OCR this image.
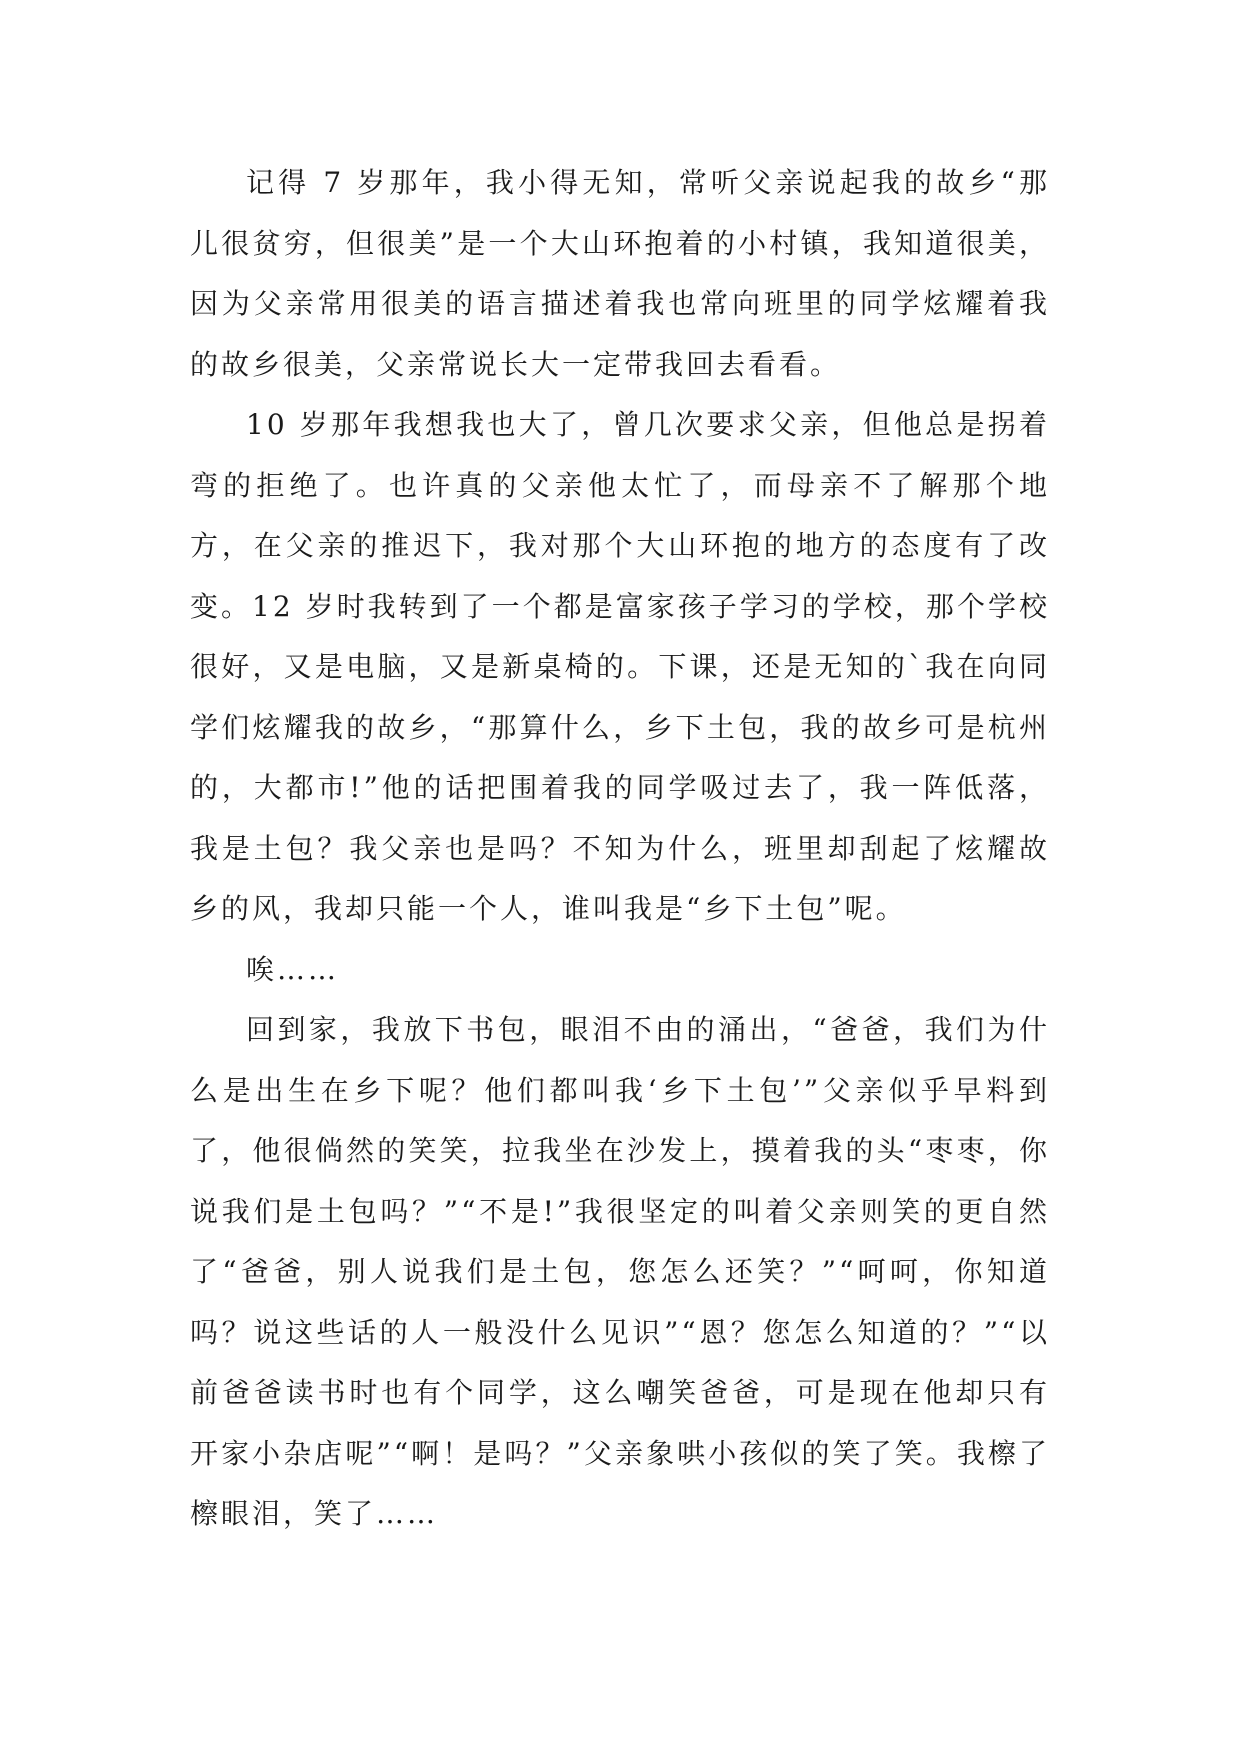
记得 7 岁那年，我小得无知，常听父亲说起我的故乡“那儿很贫穷，但很美”是一个大山环抱着的小村镇，我知道很美，因为父亲常用很美的语言描述着我也常向班里的同学炫耀着我的故乡很美，父亲常说长大一定带我回去看看。

10 岁那年我想我也大了，曾几次要求父亲，但他总是拐着弯的拒绝了。也许真的父亲他太忙了，而母亲不了解那个地方，在父亲的推迟下，我对那个大山环抱的地方的态度有了改变。12 岁时我转到了一个都是富家孩子学习的学校，那个学校很好，又是电脑，又是新桌椅的。下课，还是无知的`我在向同学们炫耀我的故乡，“那算什么，乡下土包，我的故乡可是杭州的，大都市!”他的话把围着我的同学吸过去了，我一阵低落，我是土包？我父亲也是吗？不知为什么，班里却刮起了炫耀故乡的风，我却只能一个人，谁叫我是“乡下土包”呢。

唉……

回到家，我放下书包，眼泪不由的涌出，“爸爸，我们为什么是出生在乡下呢？他们都叫我‘乡下土包’”父亲似乎早料到了，他很倘然的笑笑，拉我坐在沙发上，摸着我的头“枣枣，你说我们是土包吗？”“不是!”我很坚定的叫着父亲则笑的更自然了“爸爸，别人说我们是土包，您怎么还笑？”“呵呵，你知道吗？说这些话的人一般没什么见识”“恩？您怎么知道的？”“以前爸爸读书时也有个同学，这么嘲笑爸爸，可是现在他却只有开家小杂店呢”“啊！是吗？”父亲象哄小孩似的笑了笑。我檫了檫眼泪，笑了……
